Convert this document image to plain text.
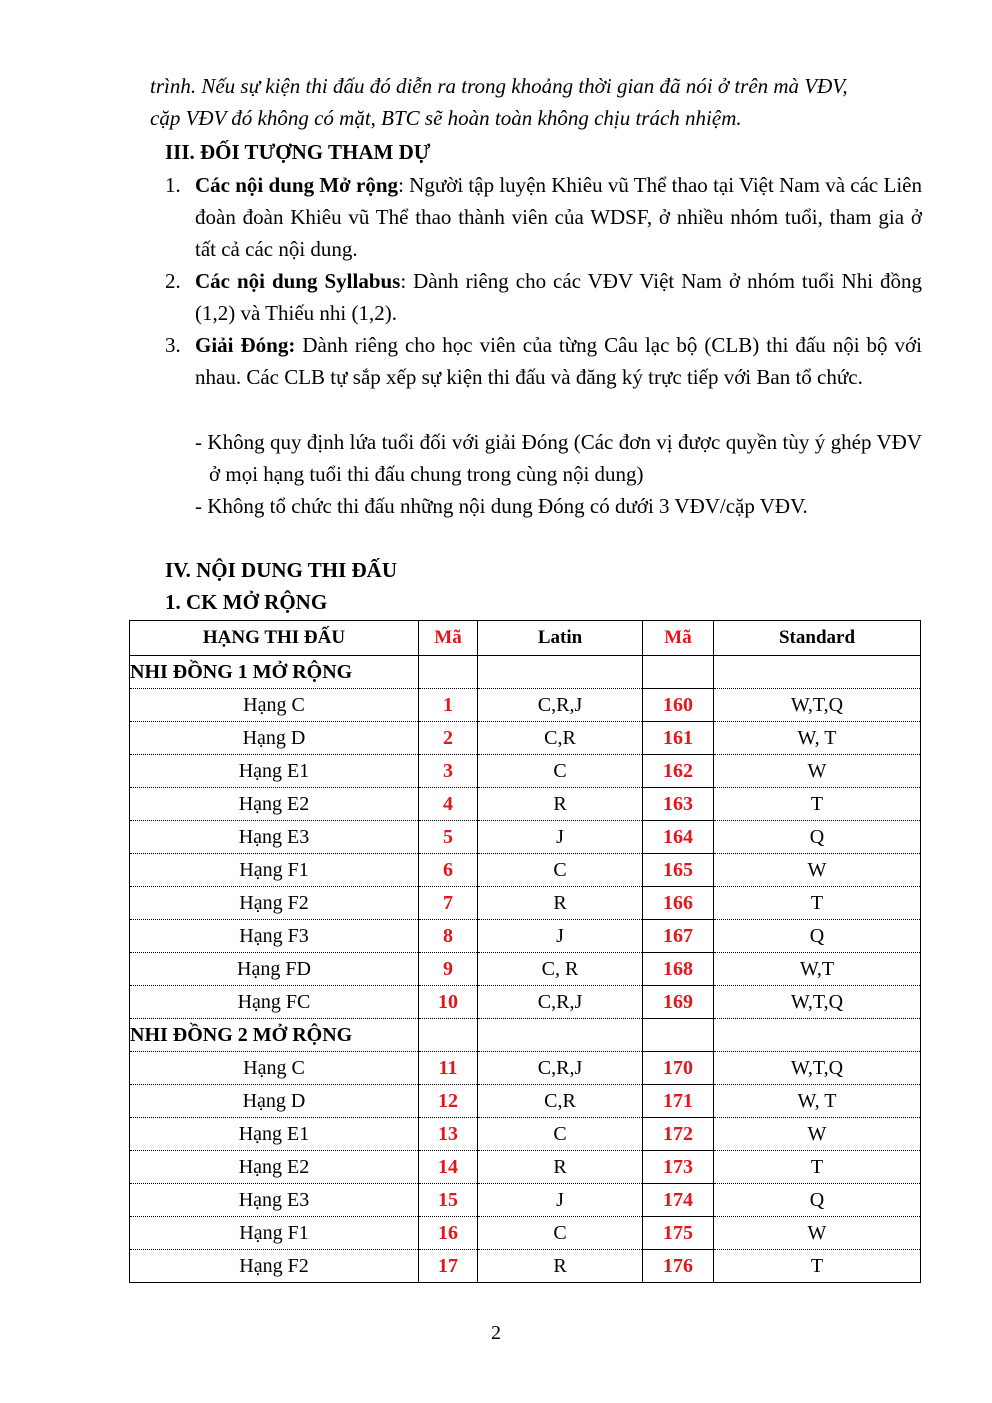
trình. Nếu sự kiện thi đấu đó diễn ra trong khoảng thời gian đã nói ở trên mà VĐV,

cặp VĐV đó không có mặt, BTC sẽ hoàn toàn không chịu trách nhiệm.

III. ĐỐI TƯỢNG THAM DỰ
1. Các nội dung Mở rộng: Người tập luyện Khiêu vũ Thể thao tại Việt Nam và các Liên đoàn đoàn Khiêu vũ Thể thao thành viên của WDSF, ở nhiều nhóm tuổi, tham gia ở tất cả các nội dung.
2. Các nội dung Syllabus: Dành riêng cho các VĐV Việt Nam ở nhóm tuổi Nhi đồng (1,2) và Thiếu nhi (1,2).
3. Giải Đóng: Dành riêng cho học viên của từng Câu lạc bộ (CLB) thi đấu nội bộ với nhau. Các CLB tự sắp xếp sự kiện thi đấu và đăng ký trực tiếp với Ban tổ chức.
- Không quy định lứa tuổi đối với giải Đóng (Các đơn vị được quyền tùy ý ghép VĐV ở mọi hạng tuổi thi đấu chung trong cùng nội dung)
- Không tổ chức thi đấu những nội dung Đóng có dưới 3 VĐV/cặp VĐV.
IV. NỘI DUNG THI ĐẤU
1. CK MỞ RỘNG
HẠNG THI ĐẤU	Mã	Latin	Mã	Standard
NHI ĐỒNG 1 MỞ RỘNG				
Hạng C	1	C,R,J	160	W,T,Q
Hạng D	2	C,R	161	W, T
Hạng E1	3	C	162	W
Hạng E2	4	R	163	T
Hạng E3	5	J	164	Q
Hạng F1	6	C	165	W
Hạng F2	7	R	166	T
Hạng F3	8	J	167	Q
Hạng FD	9	C, R	168	W,T
Hạng FC	10	C,R,J	169	W,T,Q
NHI ĐỒNG 2 MỞ RỘNG				
Hạng C	11	C,R,J	170	W,T,Q
Hạng D	12	C,R	171	W, T
Hạng E1	13	C	172	W
Hạng E2	14	R	173	T
Hạng E3	15	J	174	Q
Hạng F1	16	C	175	W
Hạng F2	17	R	176	T
2
